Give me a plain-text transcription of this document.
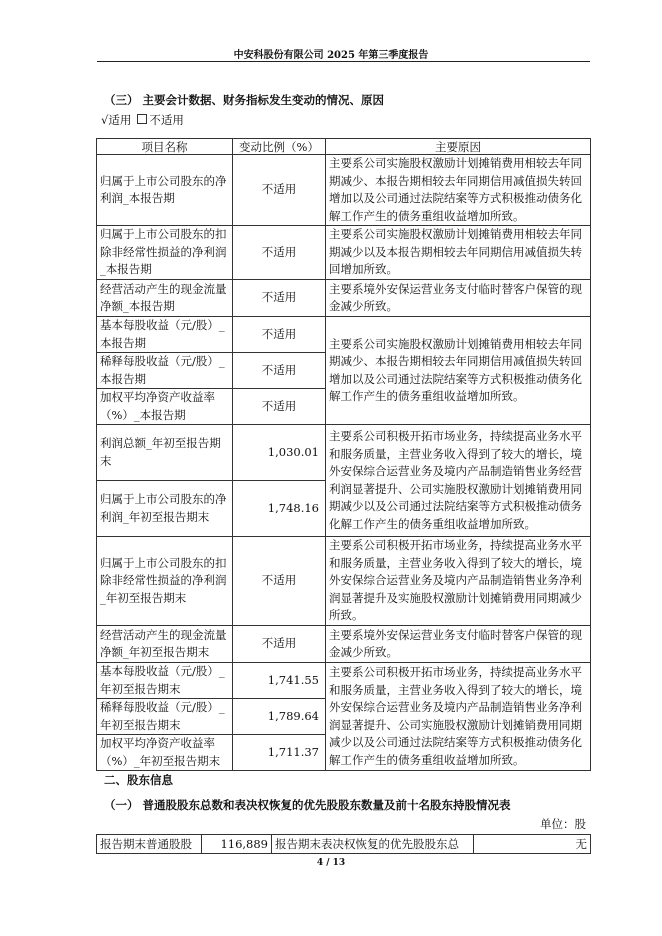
中安科股份有限公司 2025 年第三季度报告
（三） 主要会计数据、财务指标发生变动的情况、原因
√适用 不适用
项目名称	变动比例（%）	主要原因
归属于上市公司股东的净利润_本报告期	不适用	主要系公司实施股权激励计划摊销费用相较去年同期减少、本报告期相较去年同期信用减值损失转回增加以及公司通过法院结案等方式积极推动债务化解工作产生的债务重组收益增加所致。
归属于上市公司股东的扣除非经常性损益的净利润_本报告期	不适用	主要系公司实施股权激励计划摊销费用相较去年同期减少以及本报告期相较去年同期信用减值损失转回增加所致。
经营活动产生的现金流量净额_本报告期	不适用	主要系境外安保运营业务支付临时替客户保管的现金减少所致。
基本每股收益（元/股）_本报告期	不适用	主要系公司实施股权激励计划摊销费用相较去年同期减少、本报告期相较去年同期信用减值损失转回增加以及公司通过法院结案等方式积极推动债务化解工作产生的债务重组收益增加所致。
稀释每股收益（元/股）_本报告期	不适用	
加权平均净资产收益率（%）_本报告期	不适用	
利润总额_年初至报告期末	1,030.01	主要系公司积极开拓市场业务，持续提高业务水平和服务质量，主营业务收入得到了较大的增长，境外安保综合运营业务及境内产品制造销售业务经营利润显著提升、公司实施股权激励计划摊销费用同期减少以及公司通过法院结案等方式积极推动债务化解工作产生的债务重组收益增加所致。
归属于上市公司股东的净利润_年初至报告期末	1,748.16	
归属于上市公司股东的扣除非经常性损益的净利润_年初至报告期末	不适用	主要系公司积极开拓市场业务，持续提高业务水平和服务质量，主营业务收入得到了较大的增长，境外安保综合运营业务及境内产品制造销售业务净利润显著提升及实施股权激励计划摊销费用同期减少所致。
经营活动产生的现金流量净额_年初至报告期末	不适用	主要系境外安保运营业务支付临时替客户保管的现金减少所致。
基本每股收益（元/股）_年初至报告期末	1,741.55	主要系公司积极开拓市场业务，持续提高业务水平和服务质量，主营业务收入得到了较大的增长，境外安保综合运营业务及境内产品制造销售业务净利润显著提升、公司实施股权激励计划摊销费用同期减少以及公司通过法院结案等方式积极推动债务化解工作产生的债务重组收益增加所致。
稀释每股收益（元/股）_年初至报告期末	1,789.64	
加权平均净资产收益率（%）_年初至报告期末	1,711.37	
二、股东信息
（一） 普通股股东总数和表决权恢复的优先股股东数量及前十名股东持股情况表
单位：股
报告期末普通股股	116,889	报告期末表决权恢复的优先股股东总	无
4 / 13
